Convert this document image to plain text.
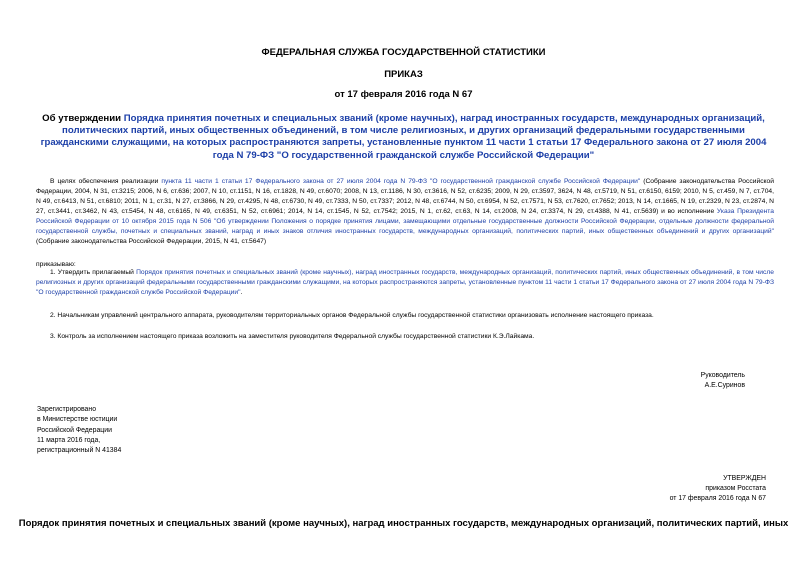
ФЕДЕРАЛЬНАЯ СЛУЖБА ГОСУДАРСТВЕННОЙ СТАТИСТИКИ
ПРИКАЗ
от 17 февраля 2016 года N 67
Об утверждении Порядка принятия почетных и специальных званий (кроме научных), наград иностранных государств, международных организаций, политических партий, иных общественных объединений, в том числе религиозных, и других организаций федеральными государственными гражданскими служащими, на которых распространяются запреты, установленные пунктом 11 части 1 статьи 17 Федерального закона от 27 июля 2004 года N 79-ФЗ "О государственной гражданской службе Российской Федерации"
В целях обеспечения реализации пункта 11 части 1 статьи 17 Федерального закона от 27 июля 2004 года N 79-ФЗ "О государственной гражданской службе Российской Федерации" (Собрание законодательства Российской Федерации, 2004, N 31, ст.3215; 2006, N 6, ст.636; 2007, N 10, ст.1151, N 16, ст.1828, N 49, ст.6070; 2008, N 13, ст.1186, N 30, ст.3616, N 52, ст.6235; 2009, N 29, ст.3597, 3624, N 48, ст.5719, N 51, ст.6150, 6159; 2010, N 5, ст.459, N 7, ст.704, N 49, ст.6413, N 51, ст.6810; 2011, N 1, ст.31, N 27, ст.3866, N 29, ст.4295, N 48, ст.6730, N 49, ст.7333, N 50, ст.7337; 2012, N 48, ст.6744, N 50, ст.6954, N 52, ст.7571, N 53, ст.7620, ст.7652; 2013, N 14, ст.1665, N 19, ст.2329, N 23, ст.2874, N 27, ст.3441, ст.3462, N 43, ст.5454, N 48, ст.6165, N 49, ст.6351, N 52, ст.6961; 2014, N 14, ст.1545, N 52, ст.7542; 2015, N 1, ст.62, ст.63, N 14, ст.2008, N 24, ст.3374, N 29, ст.4388, N 41, ст.5639) и во исполнение Указа Президента Российской Федерации от 10 октября 2015 года N 506 "Об утверждении Положения о порядке принятия лицами, замещающими отдельные государственные должности Российской Федерации, отдельные должности федеральной государственной службы, почетных и специальных званий, наград и иных знаков отличия иностранных государств, международных организаций, политических партий, иных общественных объединений и других организаций" (Собрание законодательства Российской Федерации, 2015, N 41, ст.5647)
приказываю:
1. Утвердить прилагаемый Порядок принятия почетных и специальных званий (кроме научных), наград иностранных государств, международных организаций, политических партий, иных общественных объединений, в том числе религиозных и других организаций федеральными государственными гражданскими служащими, на которых распространяются запреты, установленные пунктом 11 части 1 статьи 17 Федерального закона от 27 июля 2004 года N 79-ФЗ "О государственной гражданской службе Российской Федерации".
2. Начальникам управлений центрального аппарата, руководителям территориальных органов Федеральной службы государственной статистики организовать исполнение настоящего приказа.
3. Контроль за исполнением настоящего приказа возложить на заместителя руководителя Федеральной службы государственной статистики К.Э.Лайкама.
Руководитель
А.Е.Суринов
Зарегистрировано
в Министерстве юстиции
Российской Федерации
11 марта 2016 года,
регистрационный N 41384
УТВЕРЖДЕН
приказом Росстата
от 17 февраля 2016 года N 67
Порядок принятия почетных и специальных званий (кроме научных), наград иностранных государств, международных организаций, политических партий, иных
